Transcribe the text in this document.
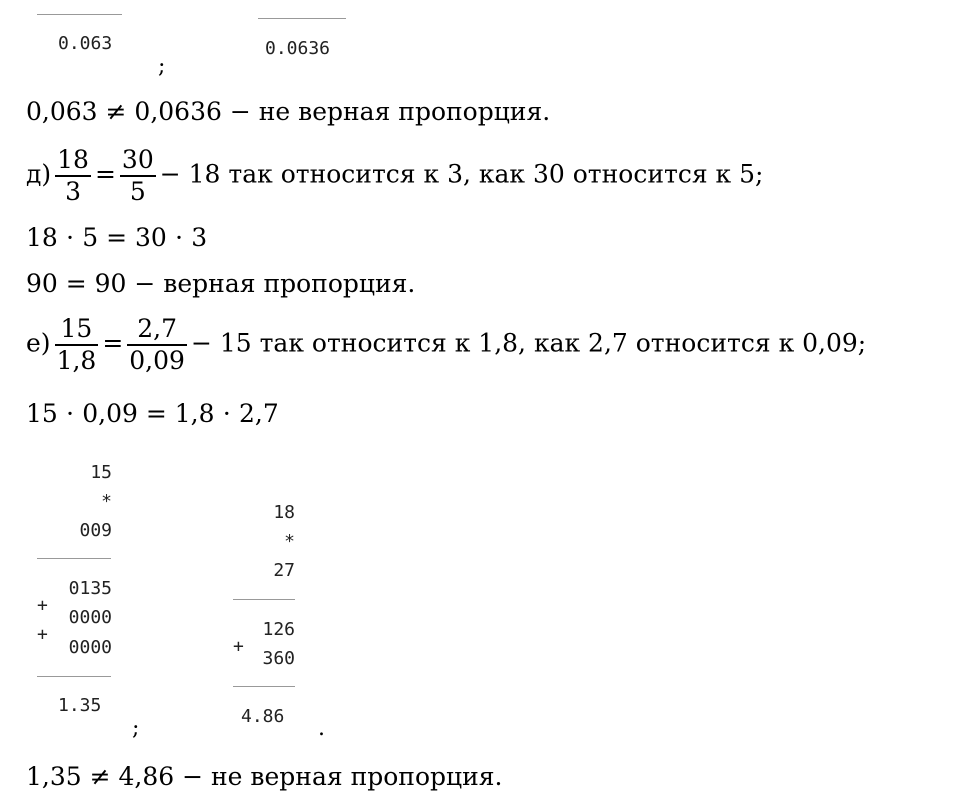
0.063
;
0.0636
0,063 ≠ 0,0636 − не верная пропорция.
$д) \frac{18}{3} = \frac{30}{5} - 18$ так относится к 3, как 30 относится к 5;
18 ⋅ 5 = 30 ⋅ 3
90 = 90 − верная пропорция.
$е) \frac{15}{1,8} = \frac{2,7}{0,09} - 15$ так относится к 1,8, как 2,7 относится к 0,09;
15 ⋅ 0,09 = 1,8 ⋅ 2,7
15
*
009
0135
+
0000
+
0000
1.35
;
18
*
27
126
+
360
4.86 .
1,35 ≠ 4,86 − не верная пропорция.
